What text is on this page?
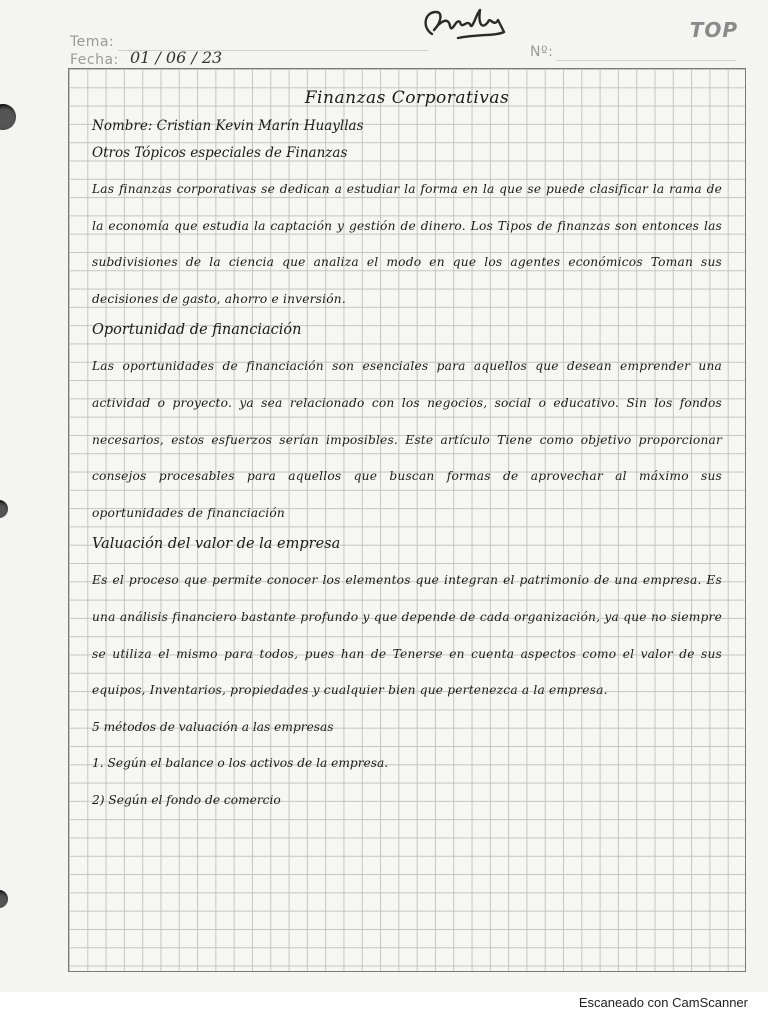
Tema:
Fecha: 01 / 06 / 23	Nº:
TOP
Finanzas Corporativas
Nombre: Cristian Kevin Marín Huayllas
Otros Tópicos especiales de Finanzas

Las finanzas corporativas se dedican a estudiar la forma en la que se puede clasificar la rama de la economía que estudia la captación y gestión de dinero. Los Tipos de finanzas son entonces las subdivisiones de la ciencia que analiza el modo en que los agentes económicos Toman sus decisiones de gasto, ahorro e inversión.

Oportunidad de financiación

Las oportunidades de financiación son esenciales para aquellos que desean emprender una actividad o proyecto. ya sea relacionado con los negocios, social o educativo. Sin los fondos necesarios, estos esfuerzos serían imposibles. Este artículo Tiene como objetivo proporcionar consejos procesables para aquellos que buscan formas de aprovechar al máximo sus oportunidades de financiación

Valuación del valor de la empresa

Es el proceso que permite conocer los elementos que integran el patrimonio de una empresa. Es una análisis financiero bastante profundo y que depende de cada organización, ya que no siempre se utiliza el mismo para todos, pues han de Tenerse en cuenta aspectos como el valor de sus equipos, Inventarios, propiedades y cualquier bien que pertenezca a la empresa.

5 métodos de valuación a las empresas
1. Según el balance o los activos de la empresa.
2) Según el fondo de comercio
Escaneado con CamScanner
